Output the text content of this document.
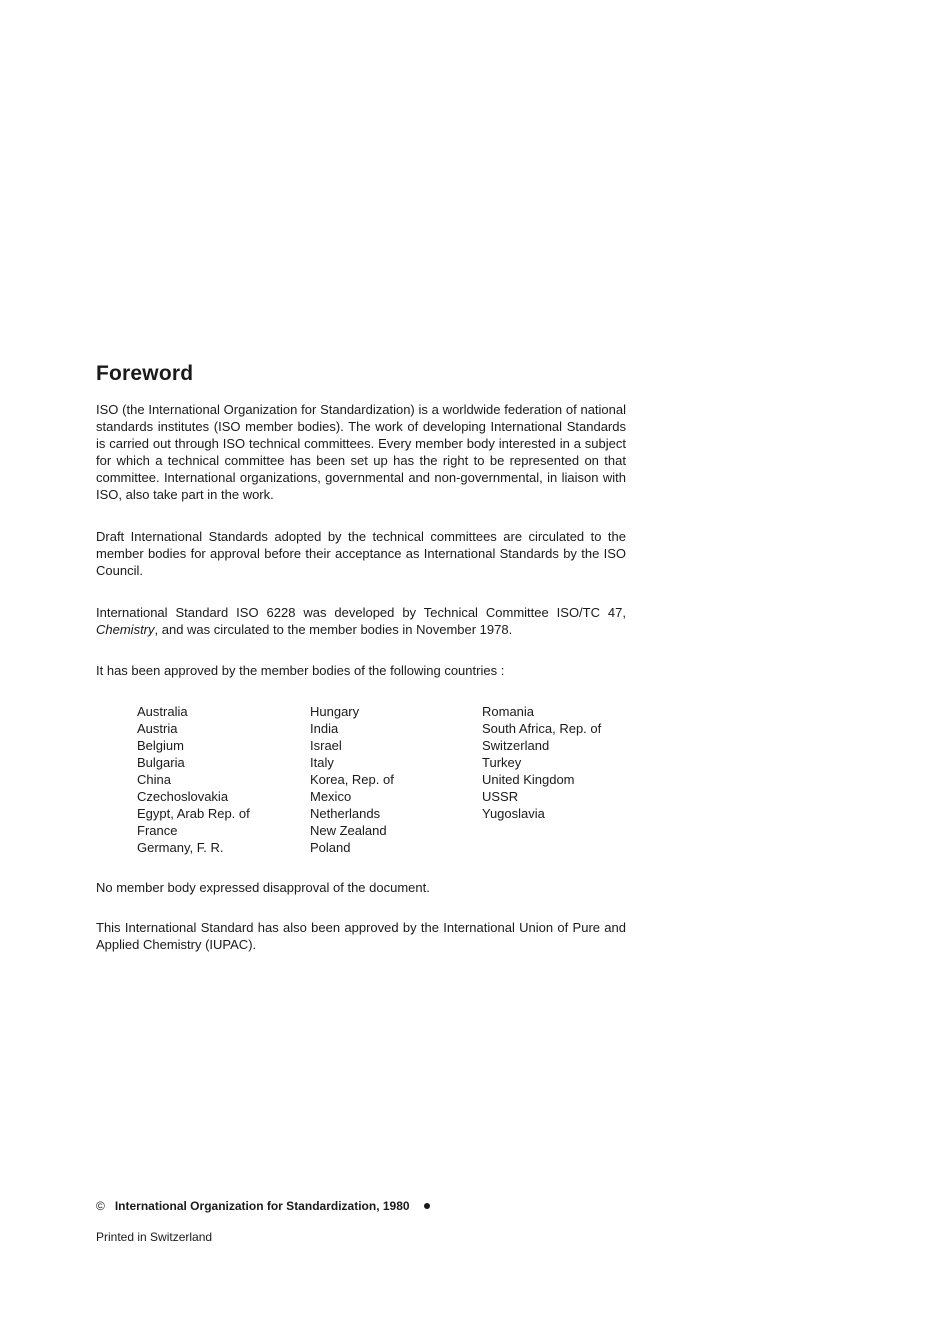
Foreword

ISO (the International Organization for Standardization) is a worldwide federation of national standards institutes (ISO member bodies). The work of developing International Standards is carried out through ISO technical committees. Every member body interested in a subject for which a technical committee has been set up has the right to be represented on that committee. International organizations, governmental and non-governmental, in liaison with ISO, also take part in the work.

Draft International Standards adopted by the technical committees are circulated to the member bodies for approval before their acceptance as International Standards by the ISO Council.

International Standard ISO 6228 was developed by Technical Committee ISO/TC 47, Chemistry, and was circulated to the member bodies in November 1978.

It has been approved by the member bodies of the following countries :

Australia
Austria
Belgium
Bulgaria
China
Czechoslovakia
Egypt, Arab Rep. of
France
Germany, F. R.
Hungary
India
Israel
Italy
Korea, Rep. of
Mexico
Netherlands
New Zealand
Poland
Romania
South Africa, Rep. of
Switzerland
Turkey
United Kingdom
USSR
Yugoslavia

No member body expressed disapproval of the document.

This International Standard has also been approved by the International Union of Pure and Applied Chemistry (IUPAC).

© International Organization for Standardization, 1980
Printed in Switzerland
